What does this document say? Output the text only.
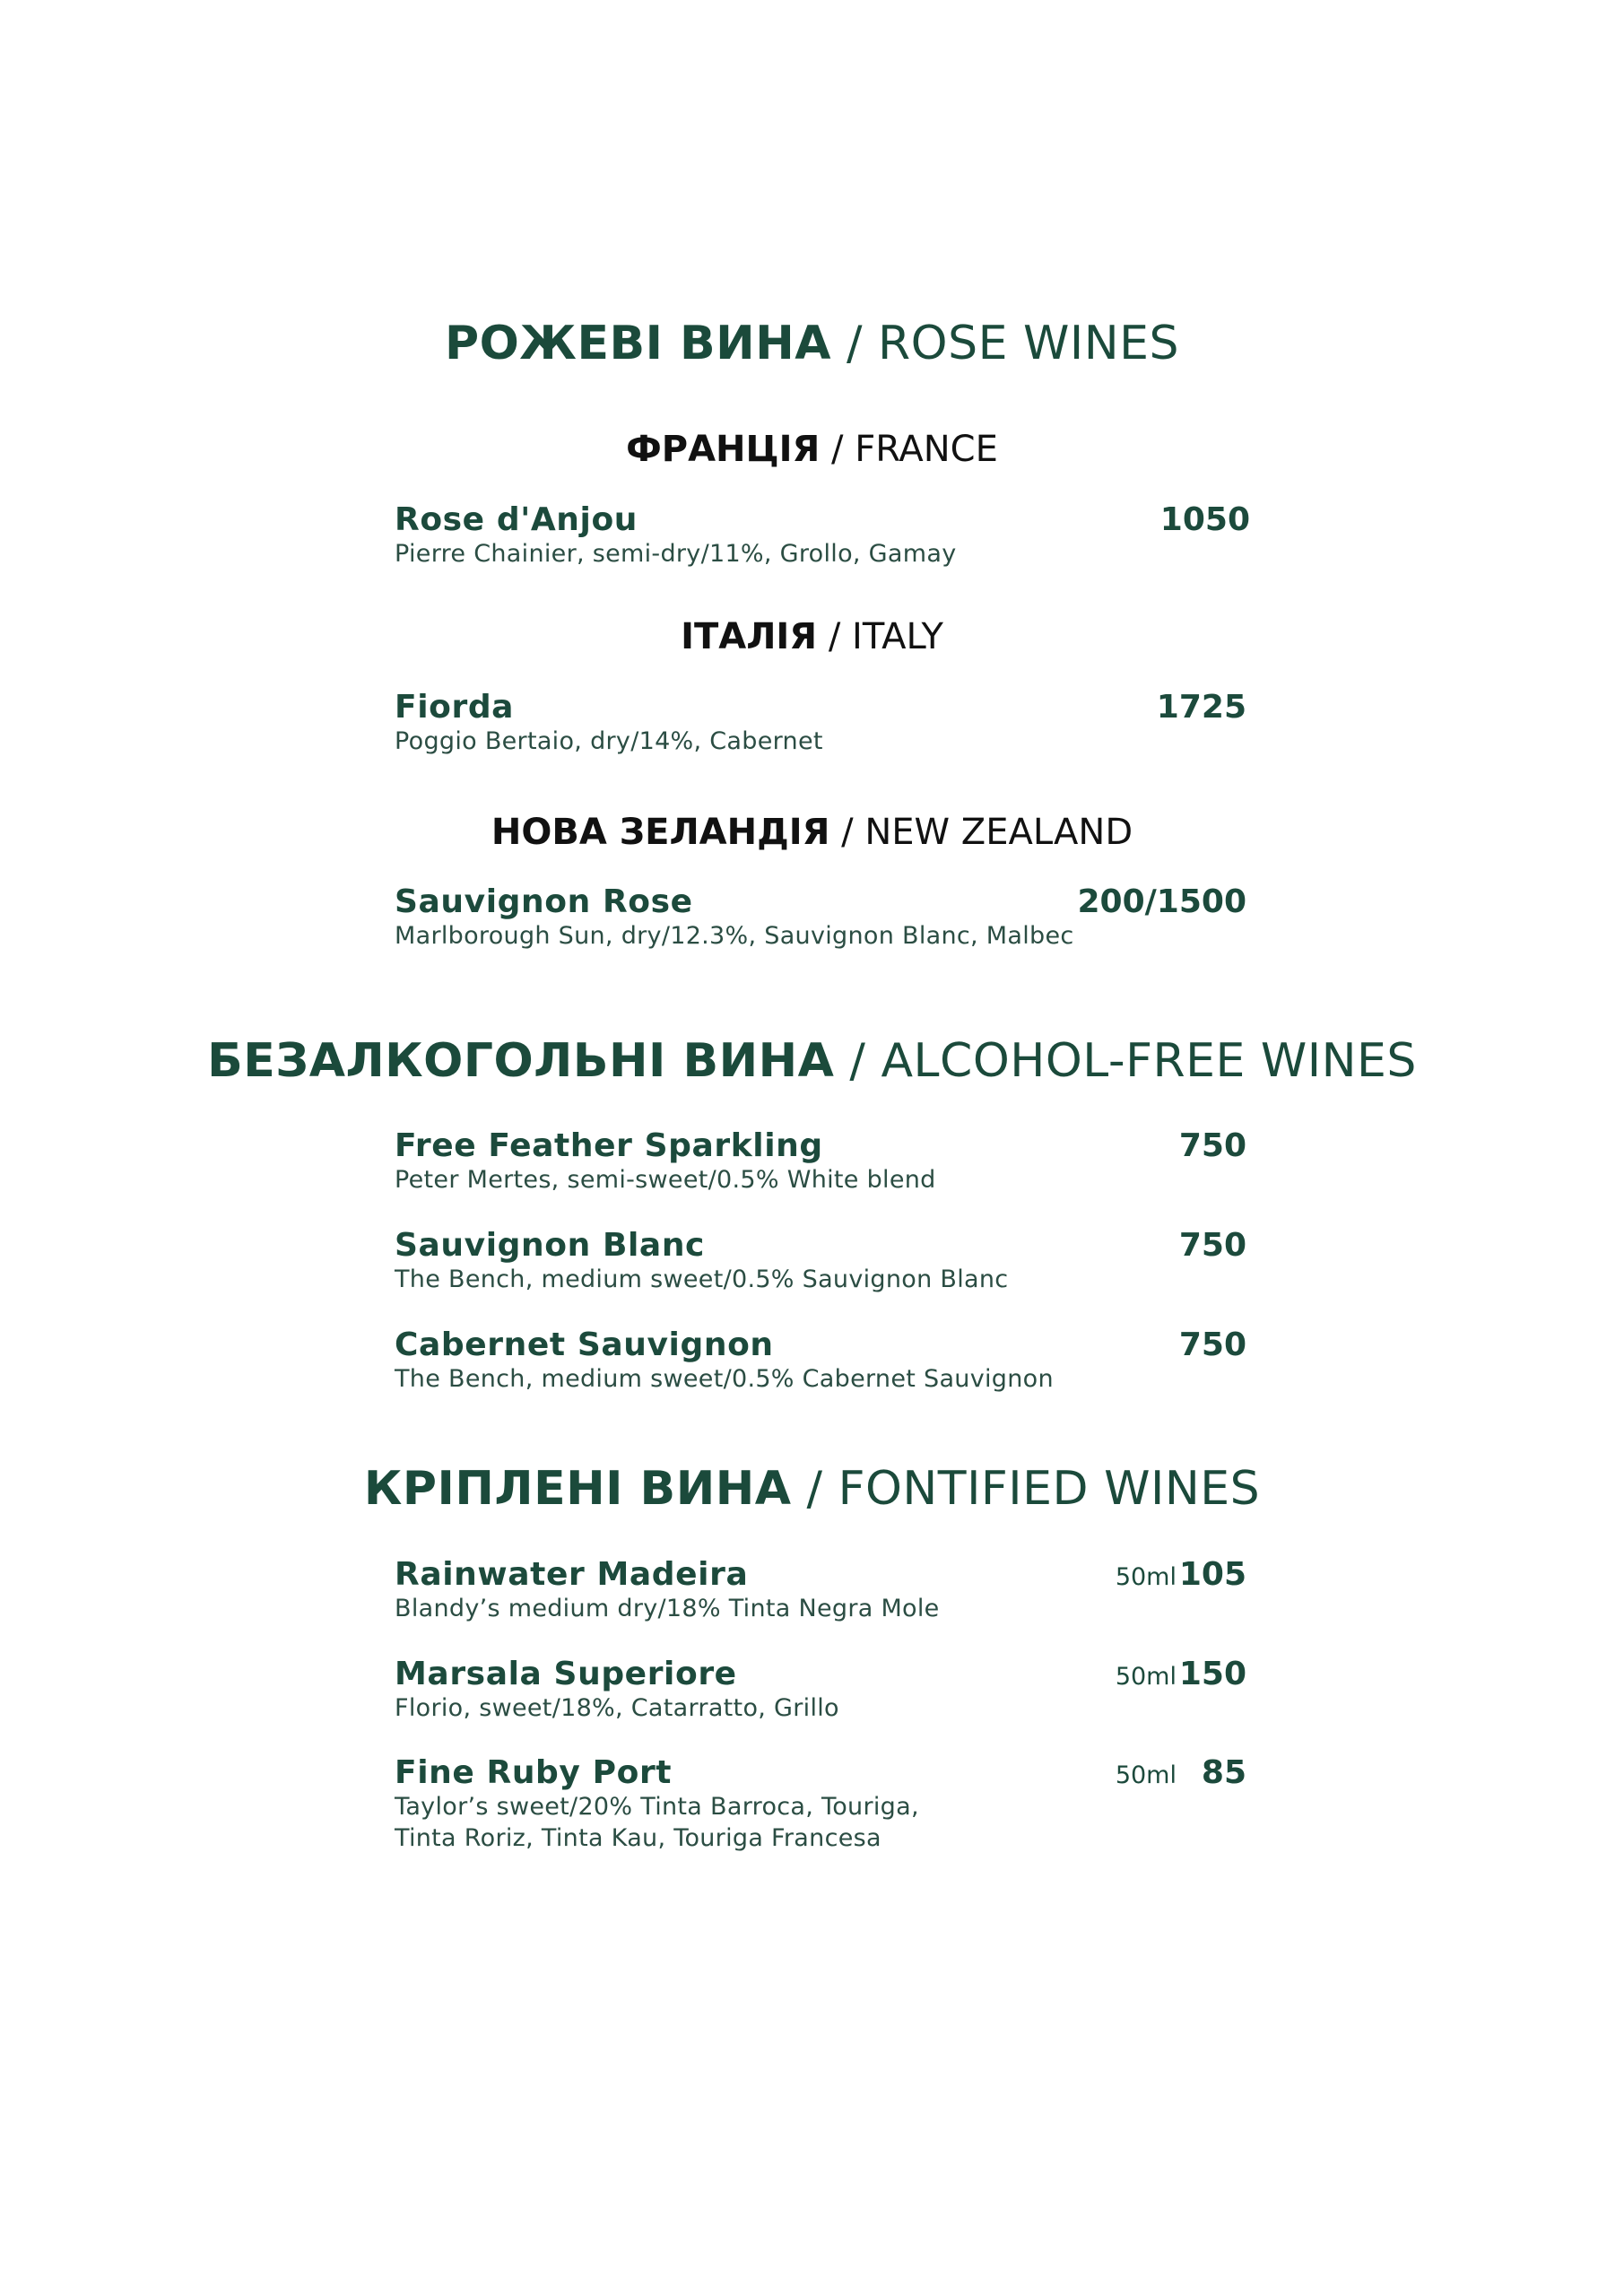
РОЖЕВІ ВИНА / ROSE WINES
ФРАНЦІЯ / FRANCE
Rose d'Anjou
Pierre Chainier, semi-dry/11%, Grollo, Gamay
1050
ІТАЛІЯ / ITALY
Fiorda
Poggio Bertaio, dry/14%, Cabernet
1725
НОВА ЗЕЛАНДІЯ / NEW ZEALAND
Sauvignon Rose
Marlborough Sun, dry/12.3%, Sauvignon Blanc, Malbec
200/1500
БЕЗАЛКОГОЛЬНІ ВИНА / ALCOHOL-FREE WINES
Free Feather Sparkling
Peter Mertes, semi-sweet/0.5% White blend
750
Sauvignon Blanc
The Bench, medium sweet/0.5% Sauvignon Blanc
750
Cabernet Sauvignon
The Bench, medium sweet/0.5% Cabernet Sauvignon
750
КРІПЛЕНІ ВИНА / FONTIFIED WINES
Rainwater Madeira
Blandy’s medium dry/18% Tinta Negra Mole
50ml 105
Marsala Superiore
Florio, sweet/18%, Catarratto, Grillo
50ml 150
Fine Ruby Port
Taylor’s sweet/20% Tinta Barroca, Touriga,
Tinta Roriz, Tinta Kau, Touriga Francesa
50ml 85
